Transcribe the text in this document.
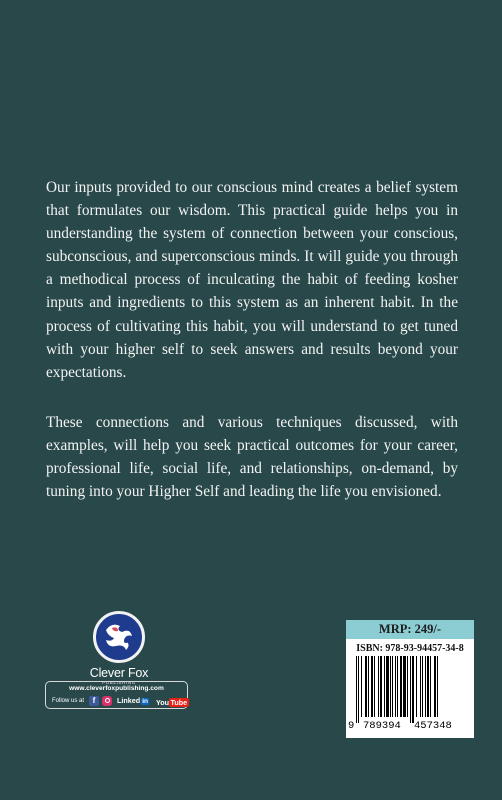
Our inputs provided to our conscious mind creates a belief system that formulates our wisdom. This practical guide helps you in understanding the system of connection between your conscious, subconscious, and superconscious minds. It will guide you through a methodical process of inculcating the habit of feeding kosher inputs and ingredients to this system as an inherent habit. In the process of cultivating this habit, you will understand to get tuned with your higher self to seek answers and results beyond your expectations.

These connections and various techniques discussed, with examples, will help you seek practical outcomes for your career, professional life, social life, and relationships, on-demand, by tuning into your Higher Self and leading the life you envisioned.

Clever Fox
PUBLISHING
www.cleverfoxpublishing.com
Follow us at	f	Linked in You Tube
MRP: 249/-
ISBN: 978-93-94457-34-8
9 789394 457348
